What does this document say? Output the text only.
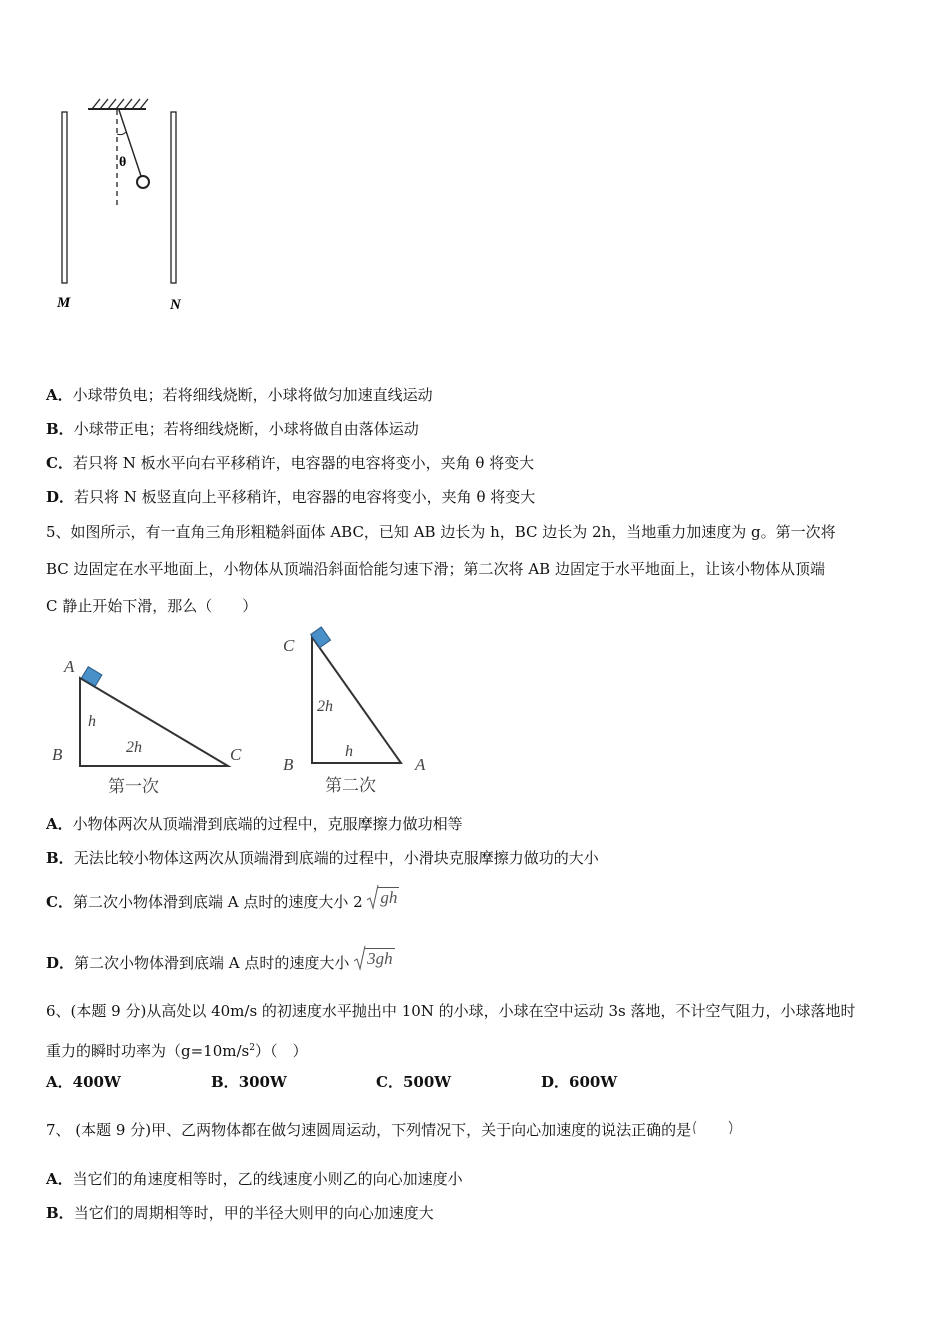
θ
M	N
A．小球带负电；若将细线烧断，小球将做匀加速直线运动
B．小球带正电；若将细线烧断，小球将做自由落体运动
C．若只将 N 板水平向右平移稍许，电容器的电容将变小，夹角 θ 将变大
D．若只将 N 板竖直向上平移稍许，电容器的电容将变小，夹角 θ 将变大
5、如图所示，有一直角三角形粗糙斜面体 ABC，已知 AB 边长为 h，BC 边长为 2h，当地重力加速度为 g。第一次将
BC 边固定在水平地面上，小物体从顶端沿斜面恰能匀速下滑；第二次将 AB 边固定于水平地面上，让该小物体从顶端
C 静止开始下滑，那么（　　）
A
B	C
h
2h
第一次
C
B	A
2h
h
第二次
A．小物体两次从顶端滑到底端的过程中，克服摩擦力做功相等
B．无法比较小物体这两次从顶端滑到底端的过程中，小滑块克服摩擦力做功的大小
C．第二次小物体滑到底端 A 点时的速度大小 2 gh
D．第二次小物体滑到底端 A 点时的速度大小 3gh
6、(本题 9 分)从高处以 40m/s 的初速度水平抛出中 10N 的小球，小球在空中运动 3s 落地，不计空气阻力，小球落地时
重力的瞬时功率为$(g=10m/s^2)$（　）
A．400W	B．300W	C．500W	D．600W
7、 (本题 9 分)甲、乙两物体都在做匀速圆周运动，下列情况下，关于向心加速度的说法正确的是
A．当它们的角速度相等时，乙的线速度小则乙的向心加速度小
B．当它们的周期相等时，甲的半径大则甲的向心加速度大
